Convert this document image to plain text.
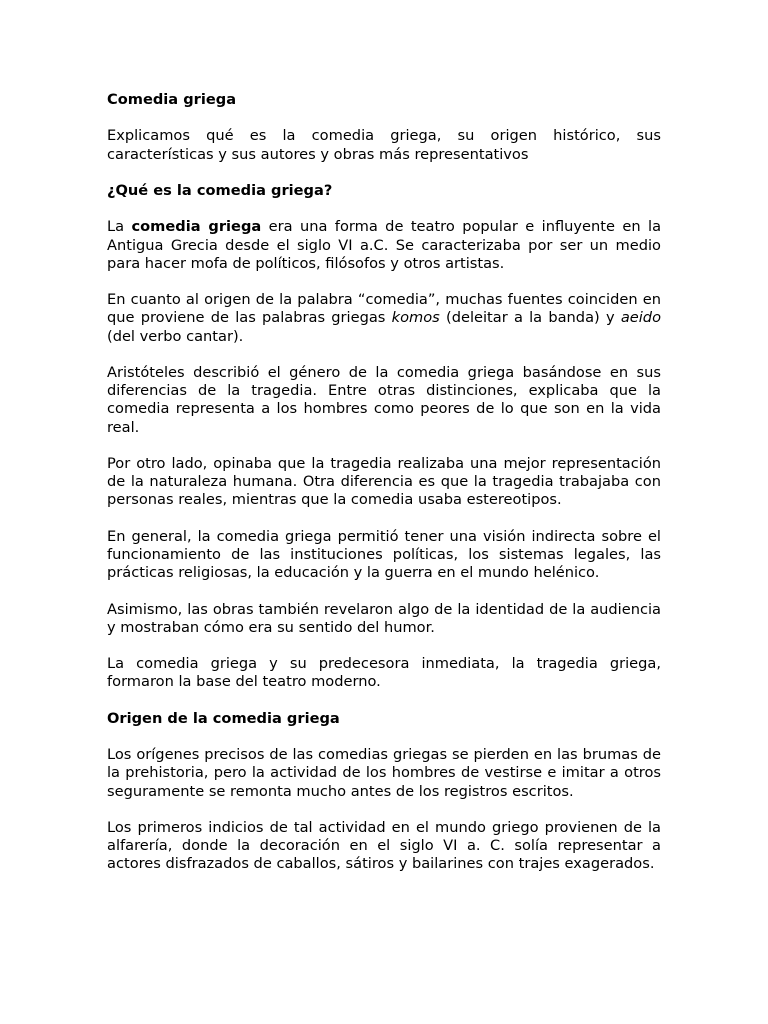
Comedia griega

Explicamos qué es la comedia griega, su origen histórico, sus características y sus autores y obras más representativos

¿Qué es la comedia griega?

La comedia griega era una forma de teatro popular e influyente en la Antigua Grecia desde el siglo VI a.C. Se caracterizaba por ser un medio para hacer mofa de políticos, filósofos y otros artistas.

En cuanto al origen de la palabra “comedia”, muchas fuentes coinciden en que proviene de las palabras griegas komos (deleitar a la banda) y aeido (del verbo cantar).

Aristóteles describió el género de la comedia griega basándose en sus diferencias de la tragedia. Entre otras distinciones, explicaba que la comedia representa a los hombres como peores de lo que son en la vida real.

Por otro lado, opinaba que la tragedia realizaba una mejor representación de la naturaleza humana. Otra diferencia es que la tragedia trabajaba con personas reales, mientras que la comedia usaba estereotipos.

En general, la comedia griega permitió tener una visión indirecta sobre el funcionamiento de las instituciones políticas, los sistemas legales, las prácticas religiosas, la educación y la guerra en el mundo helénico.

Asimismo, las obras también revelaron algo de la identidad de la audiencia y mostraban cómo era su sentido del humor.

La comedia griega y su predecesora inmediata, la tragedia griega, formaron la base del teatro moderno.

Origen de la comedia griega

Los orígenes precisos de las comedias griegas se pierden en las brumas de la prehistoria, pero la actividad de los hombres de vestirse e imitar a otros seguramente se remonta mucho antes de los registros escritos.

Los primeros indicios de tal actividad en el mundo griego provienen de la alfarería, donde la decoración en el siglo VI a. C. solía representar a actores disfrazados de caballos, sátiros y bailarines con trajes exagerados.
